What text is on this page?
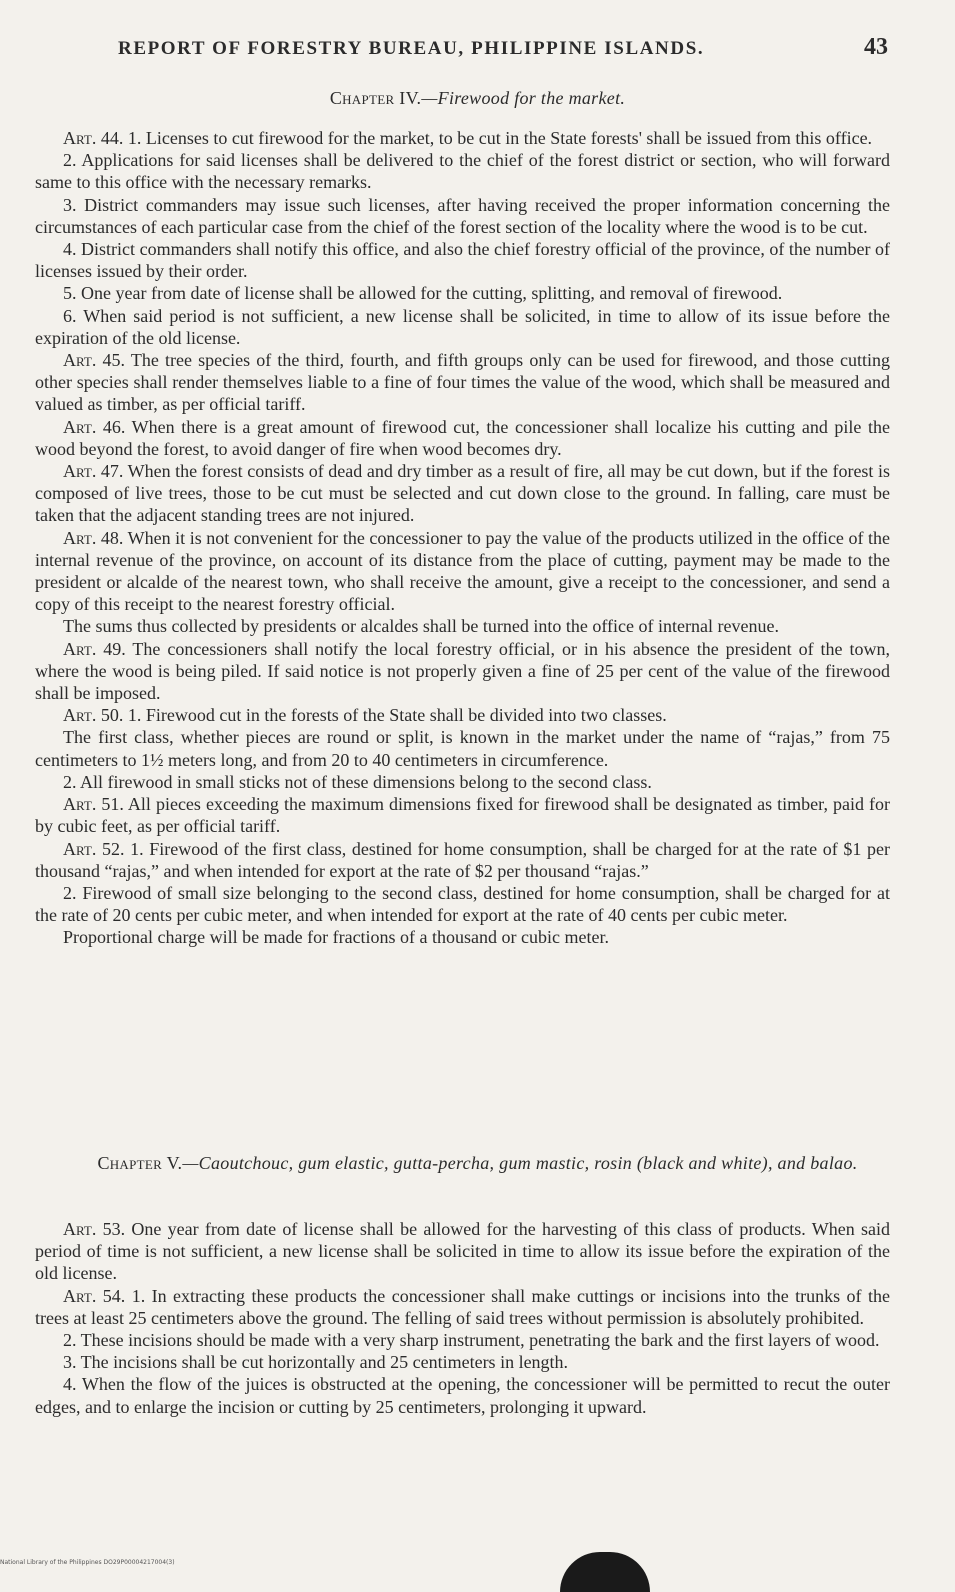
REPORT OF FORESTRY BUREAU, PHILIPPINE ISLANDS.	43
Chapter IV.—Firewood for the market.

Art. 44. 1. Licenses to cut firewood for the market, to be cut in the State forests' shall be issued from this office.

2. Applications for said licenses shall be delivered to the chief of the forest district or section, who will forward same to this office with the necessary remarks.

3. District commanders may issue such licenses, after having received the proper information concerning the circumstances of each particular case from the chief of the forest section of the locality where the wood is to be cut.

4. District commanders shall notify this office, and also the chief forestry official of the province, of the number of licenses issued by their order.

5. One year from date of license shall be allowed for the cutting, splitting, and removal of firewood.

6. When said period is not sufficient, a new license shall be solicited, in time to allow of its issue before the expiration of the old license.

Art. 45. The tree species of the third, fourth, and fifth groups only can be used for firewood, and those cutting other species shall render themselves liable to a fine of four times the value of the wood, which shall be measured and valued as timber, as per official tariff.

Art. 46. When there is a great amount of firewood cut, the concessioner shall localize his cutting and pile the wood beyond the forest, to avoid danger of fire when wood becomes dry.

Art. 47. When the forest consists of dead and dry timber as a result of fire, all may be cut down, but if the forest is composed of live trees, those to be cut must be selected and cut down close to the ground. In falling, care must be taken that the adjacent standing trees are not injured.

Art. 48. When it is not convenient for the concessioner to pay the value of the products utilized in the office of the internal revenue of the province, on account of its distance from the place of cutting, payment may be made to the president or alcalde of the nearest town, who shall receive the amount, give a receipt to the concessioner, and send a copy of this receipt to the nearest forestry official.

The sums thus collected by presidents or alcaldes shall be turned into the office of internal revenue.

Art. 49. The concessioners shall notify the local forestry official, or in his absence the president of the town, where the wood is being piled. If said notice is not properly given a fine of 25 per cent of the value of the firewood shall be imposed.

Art. 50. 1. Firewood cut in the forests of the State shall be divided into two classes.

The first class, whether pieces are round or split, is known in the market under the name of “rajas,” from 75 centimeters to 1½ meters long, and from 20 to 40 centimeters in circumference.

2. All firewood in small sticks not of these dimensions belong to the second class.

Art. 51. All pieces exceeding the maximum dimensions fixed for firewood shall be designated as timber, paid for by cubic feet, as per official tariff.

Art. 52. 1. Firewood of the first class, destined for home consumption, shall be charged for at the rate of $1 per thousand “rajas,” and when intended for export at the rate of $2 per thousand “rajas.”

2. Firewood of small size belonging to the second class, destined for home consumption, shall be charged for at the rate of 20 cents per cubic meter, and when intended for export at the rate of 40 cents per cubic meter.

Proportional charge will be made for fractions of a thousand or cubic meter.

Chapter V.—Caoutchouc, gum elastic, gutta-percha, gum mastic, rosin (black and white), and balao.

Art. 53. One year from date of license shall be allowed for the harvesting of this class of products. When said period of time is not sufficient, a new license shall be solicited in time to allow its issue before the expiration of the old license.

Art. 54. 1. In extracting these products the concessioner shall make cuttings or incisions into the trunks of the trees at least 25 centimeters above the ground. The felling of said trees without permission is absolutely prohibited.

2. These incisions should be made with a very sharp instrument, penetrating the bark and the first layers of wood.

3. The incisions shall be cut horizontally and 25 centimeters in length.

4. When the flow of the juices is obstructed at the opening, the concessioner will be permitted to recut the outer edges, and to enlarge the incision or cutting by 25 centimeters, prolonging it upward.

National Library of the Philippines DO29P00004217004(3)
